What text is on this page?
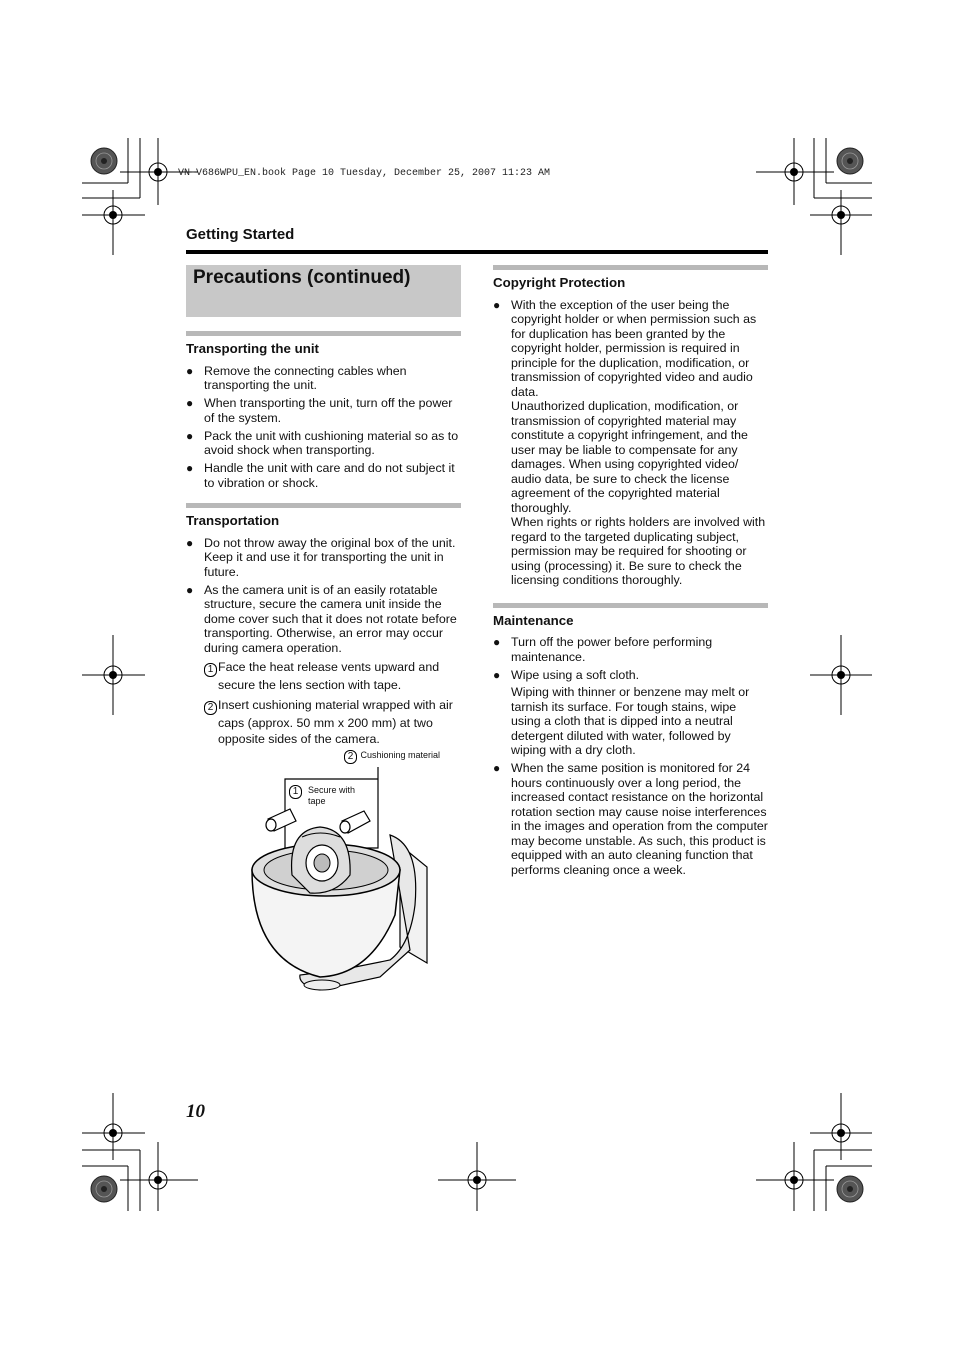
VN-V686WPU_EN.book Page 10 Tuesday, December 25, 2007 11:23 AM
Getting Started
Precautions (continued)
Transporting the unit
● Remove the connecting cables when transporting the unit.
● When transporting the unit, turn off the power of the system.
● Pack the unit with cushioning material so as to avoid shock when transporting.
● Handle the unit with care and do not subject it to vibration or shock.
Transportation
● Do not throw away the original box of the unit. Keep it and use it for transporting the unit in future.
● As the camera unit is of an easily rotatable structure, secure the camera unit inside the dome cover such that it does not rotate before transporting. Otherwise, an error may occur during camera operation.
1 Face the heat release vents upward and secure the lens section with tape.
2 Insert cushioning material wrapped with air caps (approx. 50 mm x 200 mm) at two opposite sides of the camera.
2 Cushioning material
1	Secure with
tape
Copyright Protection
● With the exception of the user being the copyright holder or when permission such as for duplication has been granted by the copyright holder, permission is required in principle for the duplication, modification, or transmission of copyrighted video and audio data.
Unauthorized duplication, modification, or transmission of copyrighted material may constitute a copyright infringement, and the user may be liable to compensate for any damages. When using copyrighted video/ audio data, be sure to check the license agreement of the copyrighted material thoroughly.
When rights or rights holders are involved with regard to the targeted duplicating subject, permission may be required for shooting or using (processing) it. Be sure to check the licensing conditions thoroughly.
Maintenance
● Turn off the power before performing maintenance.
● Wipe using a soft cloth.
Wiping with thinner or benzene may melt or tarnish its surface. For tough stains, wipe using a cloth that is dipped into a neutral detergent diluted with water, followed by wiping with a dry cloth.
● When the same position is monitored for 24 hours continuously over a long period, the increased contact resistance on the horizontal rotation section may cause noise interferences in the images and operation from the computer may become unstable. As such, this product is equipped with an auto cleaning function that performs cleaning once a week.
10
